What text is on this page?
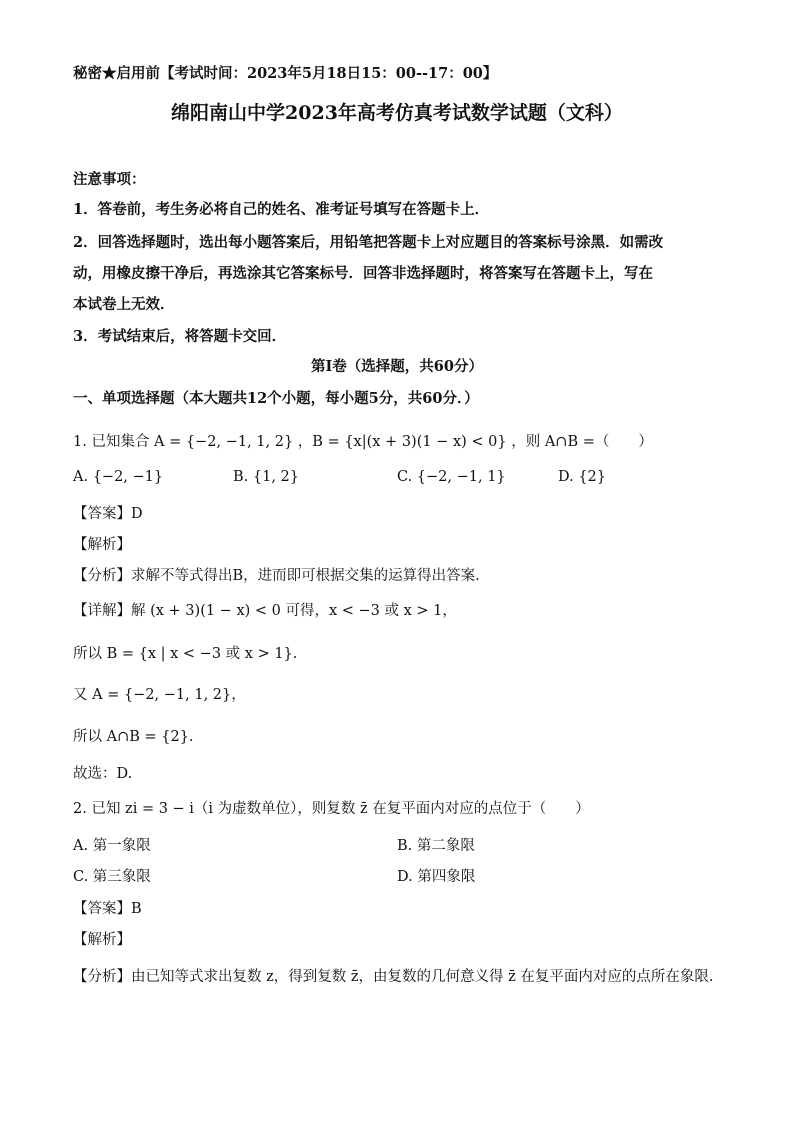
秘密★启用前【考试时间：2023年5月18日15：00--17：00】
绵阳南山中学2023年高考仿真考试数学试题（文科）
注意事项：
1．答卷前，考生务必将自己的姓名、准考证号填写在答题卡上．
2．回答选择题时，选出每小题答案后，用铅笔把答题卡上对应题目的答案标号涂黑．如需改
动，用橡皮擦干净后，再选涂其它答案标号．回答非选择题时，将答案写在答题卡上，写在
本试卷上无效．
3．考试结束后，将答题卡交回．
第Ⅰ卷（选择题，共60分）
一、单项选择题（本大题共12个小题，每小题5分，共60分．）
1. 已知集合 A = {−2, −1, 1, 2} ，B = {x|(x + 3)(1 − x) < 0} ，则 A∩B =（　　）
A. {−2, −1}	B. {1, 2}	C. {−2, −1, 1}	D. {2}
【答案】D
【解析】
【分析】求解不等式得出B，进而即可根据交集的运算得出答案.
【详解】解 (x + 3)(1 − x) < 0 可得，x < −3 或 x > 1，
所以 B = {x | x < −3 或 x > 1}.
又 A = {−2, −1, 1, 2}，
所以 A∩B = {2}.
故选：D.
2. 已知 zi = 3 − i（i 为虚数单位），则复数 z̄ 在复平面内对应的点位于（　　）
A. 第一象限	B. 第二象限
C. 第三象限	D. 第四象限
【答案】B
【解析】
【分析】由已知等式求出复数 z，得到复数 z̄，由复数的几何意义得 z̄ 在复平面内对应的点所在象限.
